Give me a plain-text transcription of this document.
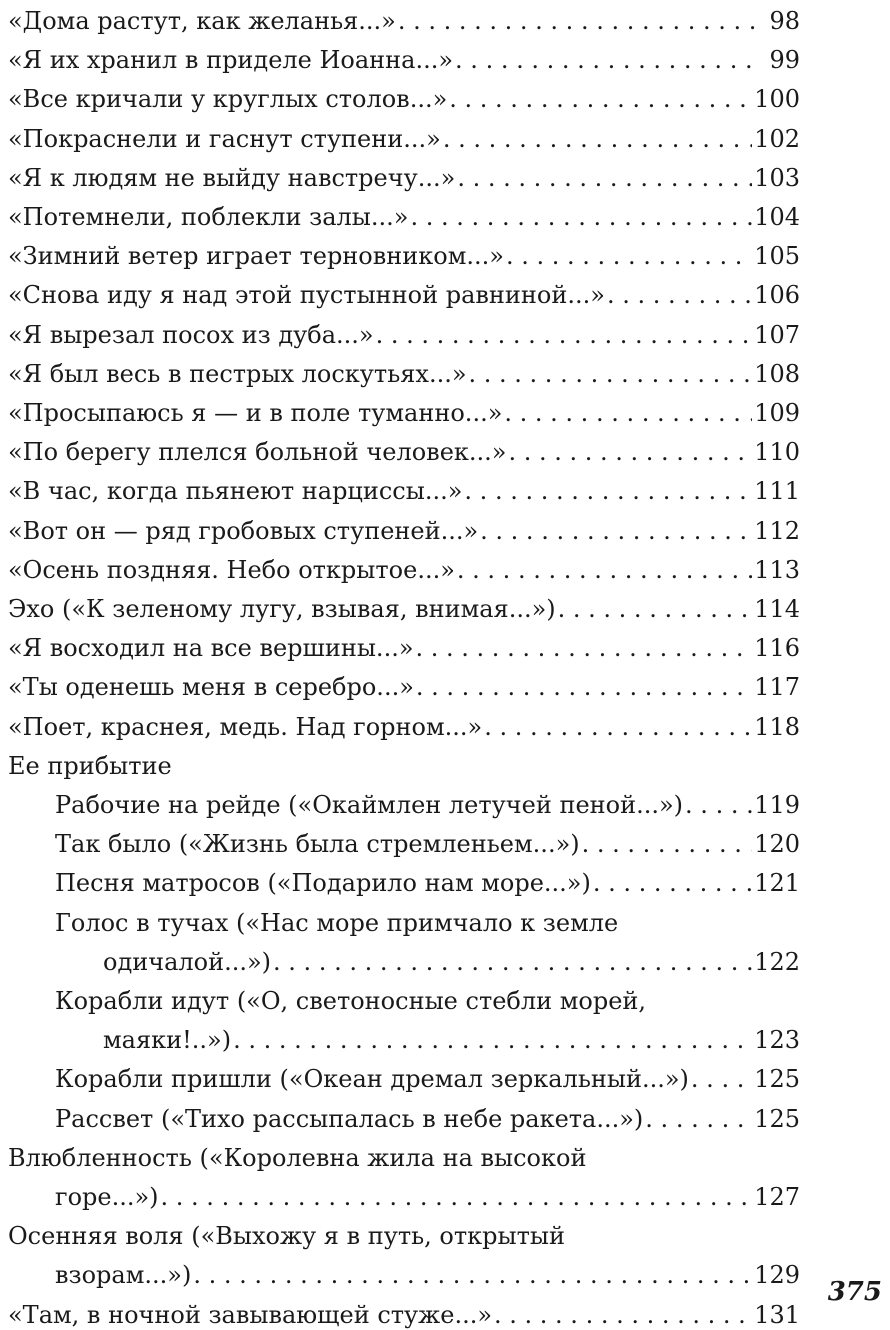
«Дома растут, как желанья...» . . .	98
«Я их хранил в приделе Иоанна...» . . .	99
«Все кричали у круглых столов...» . . .	100
«Покраснели и гаснут ступени...» . . .	102
«Я к людям не выйду навстречу...» . . .	103
«Потемнели, поблекли залы...» . . .	104
«Зимний ветер играет терновником...» . . .	105
«Снова иду я над этой пустынной равниной...» . . .	106
«Я вырезал посох из дуба...» . . .	107
«Я был весь в пестрых лоскутьях...» . . .	108
«Просыпаюсь я — и в поле туманно...» . . .	109
«По берегу плелся больной человек...» . . .	110
«В час, когда пьянеют нарциссы...» . . .	111
«Вот он — ряд гробовых ступеней...» . . .	112
«Осень поздняя. Небо открытое...» . . .	113
Эхо («К зеленому лугу, взывая, внимая...») . . .	114
«Я восходил на все вершины...» . . .	116
«Ты оденешь меня в серебро...» . . .	117
«Поет, краснея, медь. Над горном...» . . .	118
Ее прибытие
Рабочие на рейде («Окаймлен летучей пеной...») . . .	119
Так было («Жизнь была стремленьем...») . . .	120
Песня матросов («Подарило нам море...») . . .	121
Голос в тучах («Нас море примчало к земле
одичалой...») . . .	122
Корабли идут («О, светоносные стебли морей,
маяки!..») . . .	123
Корабли пришли («Океан дремал зеркальный...») . . .	125
Рассвет («Тихо рассыпалась в небе ракета...») . . .	125
Влюбленность («Королевна жила на высокой
горе...») . . .	127
Осенняя воля («Выхожу я в путь, открытый
взорам...») . . .	129
«Там, в ночной завывающей стуже...» . . .	131
375
